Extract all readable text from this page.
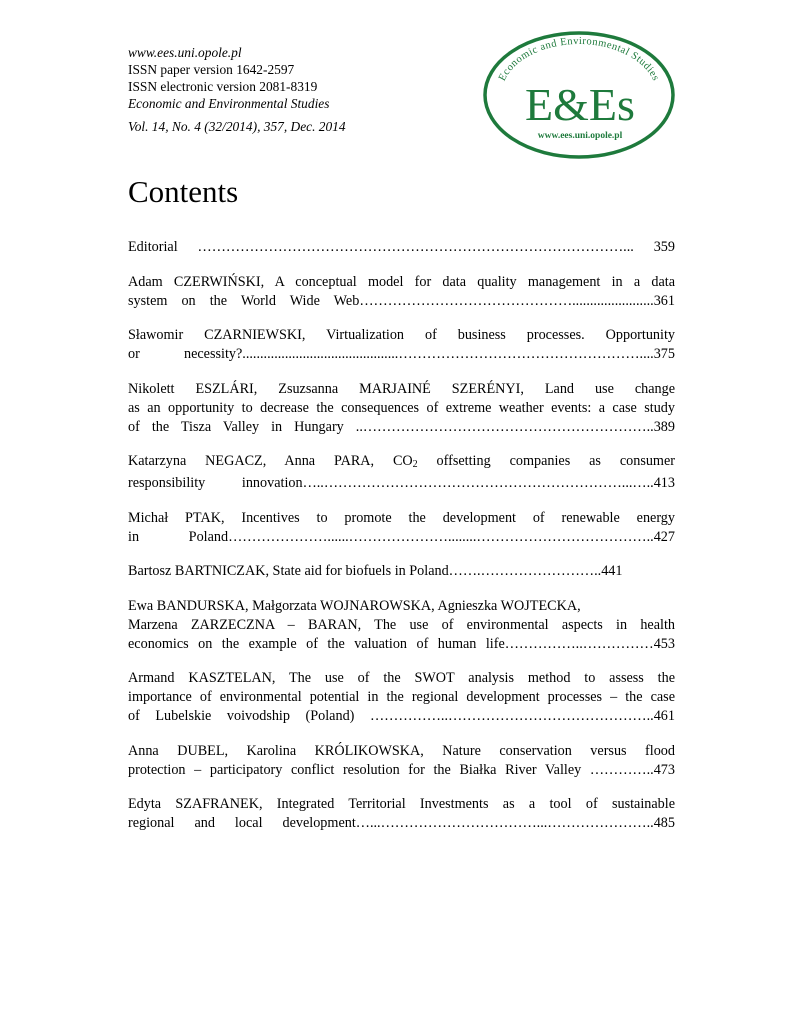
www.ees.uni.opole.pl
ISSN paper version 1642-2597
ISSN electronic version 2081-8319
Economic and Environmental Studies
Vol. 14, No. 4 (32/2014), 357, Dec. 2014
Economic and Environmental Studies
E&Es
www.ees.uni.opole.pl
Contents
Editorial ………………………………………………………………………………... 359
Adam CZERWIŃSKI, A conceptual model for data quality management in a data
system on the World Wide Web……………………………………….......................361
Sławomir CZARNIEWSKI, Virtualization of business processes. Opportunity
or necessity?............................................……………………………………………....375
Nikolett ESZLÁRI, Zsuzsanna MARJAINÉ SZERÉNYI, Land use change
as an opportunity to decrease the consequences of extreme weather events: a case study
of the Tisza Valley in Hungary ..……………………………………………………..389
Katarzyna NEGACZ, Anna PARA, $CO_2$ offsetting companies as consumer
responsibility innovation…..………………………………………………………...…..413
Michał PTAK, Incentives to promote the development of renewable energy
in Poland…………………......…………………........………………………………..427
Bartosz BARTNICZAK, State aid for biofuels in Poland…….……………………..441
Ewa BANDURSKA, Małgorzata WOJNAROWSKA, Agnieszka WOJTECKA,
Marzena ZARZECZNA – BARAN, The use of environmental aspects in health
economics on the example of the valuation of human life……………..……………453
Armand KASZTELAN, The use of the SWOT analysis method to assess the
importance of environmental potential in the regional development processes – the case
of Lubelskie voivodship (Poland) ……………..……………………………………..461
Anna DUBEL, Karolina KRÓLIKOWSKA, Nature conservation versus flood
protection – participatory conflict resolution for the Białka River Valley …………..473
Edyta SZAFRANEK, Integrated Territorial Investments as a tool of sustainable
regional and local development…...……………………………...…………………..485
